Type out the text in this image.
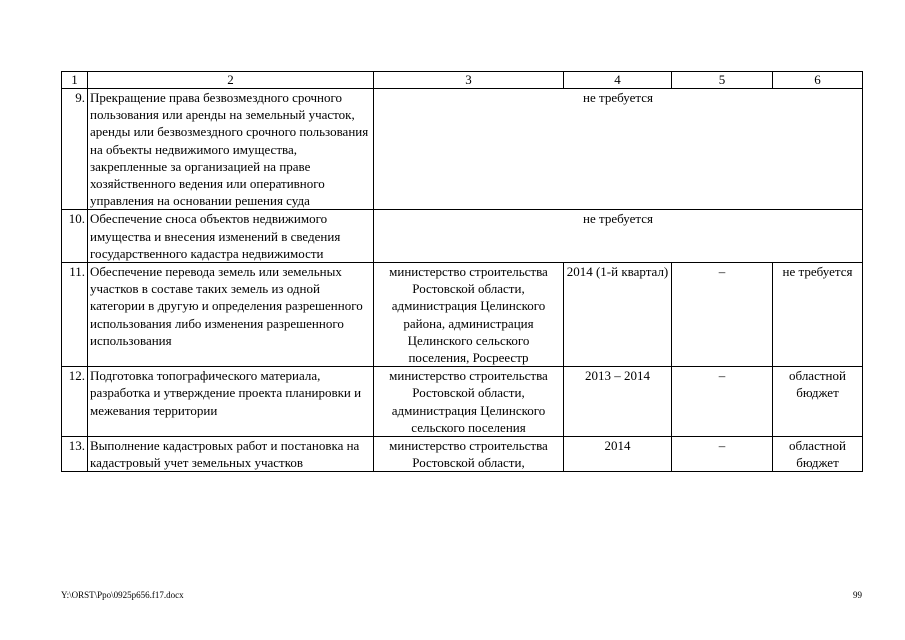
1	2	3	4	5	6
9.	Прекращение права безвозмездного срочного пользования или аренды на земельный участок, аренды или безвозмездного срочного пользования на объекты недвижимого имущества, закрепленные за организацией на праве хозяйственного ведения или оперативного управления на основании решения суда	не требуется			
10.	Обеспечение сноса объектов недвижимого имущества и внесения изменений в сведения государственного кадастра недвижимости	не требуется			
11.	Обеспечение перевода земель или земельных участков в составе таких земель из одной категории в другую и определения разрешенного использования либо изменения разрешенного использования	министерство строительства Ростовской области, администрация Целинского района, администрация Целинского сельского поселения, Росреестр	2014 (1-й квартал)	–	не требуется
12.	Подготовка топографического материала, разработка и утверждение проекта планировки и межевания территории	министерство строительства Ростовской области, администрация Целинского сельского поселения	2013 – 2014	–	областной бюджет
13.	Выполнение кадастровых работ и постановка на кадастровый учет земельных участков	министерство строительства Ростовской области,	2014	–	областной бюджет
Y:\ORST\Ppo\0925p656.f17.docx	99
